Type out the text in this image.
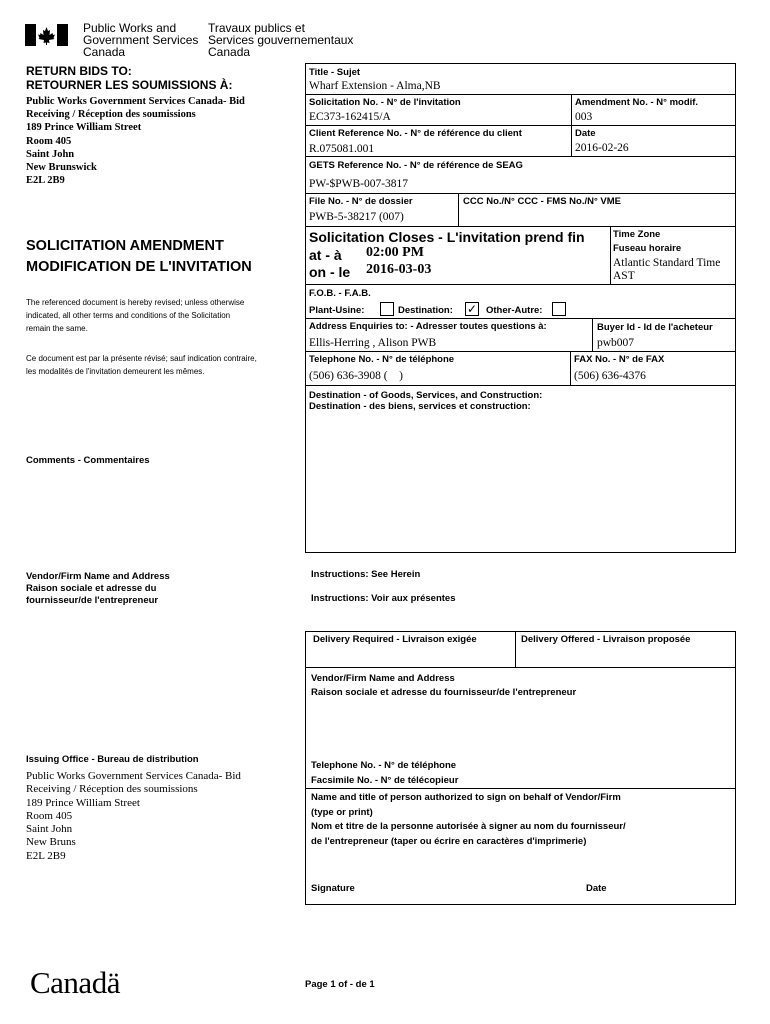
Public Works and
Government Services
Canada
Travaux publics et
Services gouvernementaux
Canada
RETURN BIDS TO:
RETOURNER LES SOUMISSIONS À:
Public Works Government Services Canada- Bid
Receiving / Réception des soumissions
189 Prince William Street
Room 405
Saint John
New Brunswick
E2L 2B9
SOLICITATION AMENDMENT
MODIFICATION DE L'INVITATION
The referenced document is hereby revised; unless otherwise
indicated, all other terms and conditions of the Solicitation
remain the same.
Ce document est par la présente révisé; sauf indication contraire,
les modalités de l'invitation demeurent les mêmes.
Comments - Commentaires
Vendor/Firm Name and Address
Raison sociale et adresse du
fournisseur/de l'entrepreneur
Issuing Office - Bureau de distribution
Public Works Government Services Canada- Bid
Receiving / Réception des soumissions
189 Prince William Street
Room 405
Saint John
New Bruns
E2L 2B9
Title - Sujet
Wharf Extension - Alma,NB
Solicitation No. - N° de l'invitation
EC373-162415/A
Amendment No. - N° modif.
003
Client Reference No. - N° de référence du client
R.075081.001
Date
2016-02-26
GETS Reference No. - N° de référence de SEAG
PW-$PWB-007-3817
File No. - N° de dossier
PWB-5-38217 (007)
CCC No./N° CCC - FMS No./N° VME
Solicitation Closes - L'invitation prend fin
at - à 02:00 PM
on - le 2016-03-03
Time Zone
Fuseau horaire
Atlantic Standard Time
AST
F.O.B. - F.A.B.
Plant-Usine:	Destination: ✓ Other-Autre:
Address Enquiries to: - Adresser toutes questions à:
Ellis-Herring , Alison PWB
Buyer Id - Id de l'acheteur
pwb007
Telephone No. - N° de téléphone
(506) 636-3908 (    )
FAX No. - N° de FAX
(506) 636-4376
Destination - of Goods, Services, and Construction:
Destination - des biens, services et construction:
Instructions: See Herein
Instructions: Voir aux présentes
Delivery Required - Livraison exigée	Delivery Offered - Livraison proposée
Vendor/Firm Name and Address
Raison sociale et adresse du fournisseur/de l'entrepreneur
Telephone No. - N° de téléphone
Facsimile No. - N° de télécopieur
Name and title of person authorized to sign on behalf of Vendor/Firm
(type or print)
Nom et titre de la personne autorisée à signer au nom du fournisseur/
de l'entrepreneur (taper ou écrire en caractères d'imprimerie)
Signature	Date
Canadä	Page 1 of - de 1
